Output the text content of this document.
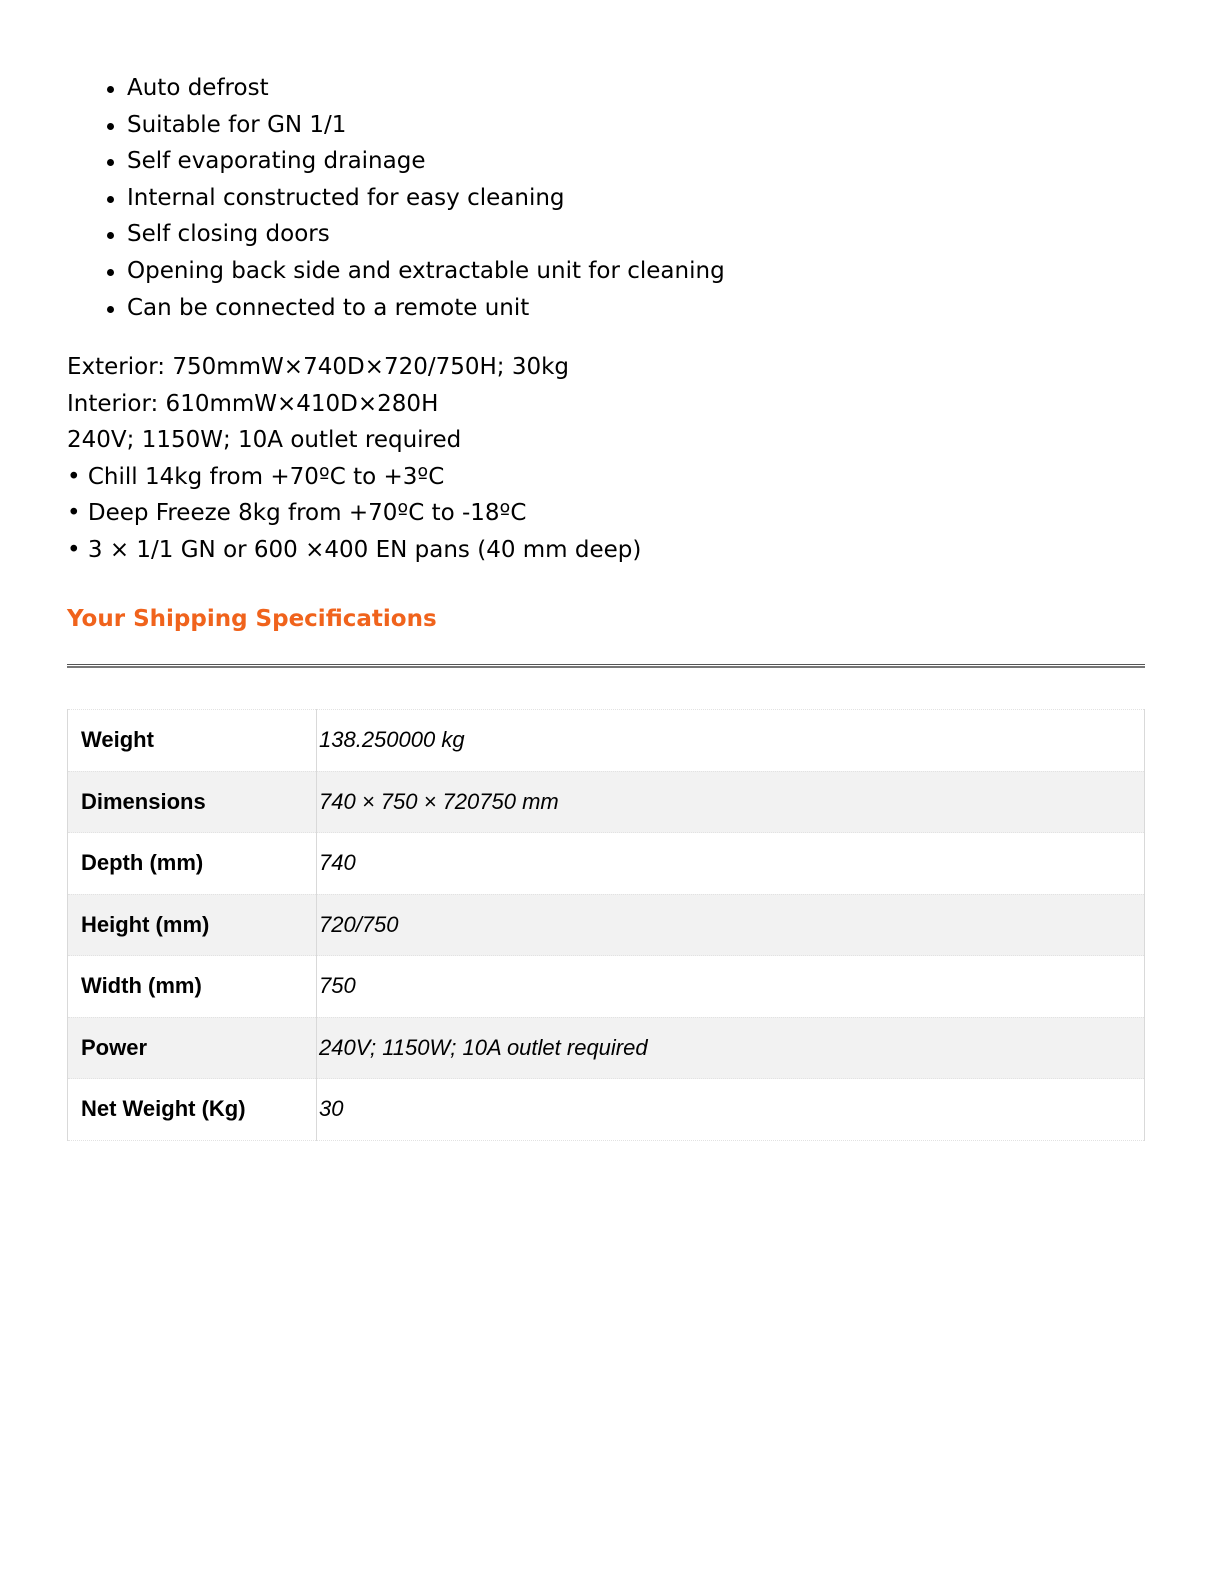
Auto defrost
Suitable for GN 1/1
Self evaporating drainage
Internal constructed for easy cleaning
Self closing doors
Opening back side and extractable unit for cleaning
Can be connected to a remote unit
Exterior: 750mmW×740D×720/750H; 30kg
Interior: 610mmW×410D×280H
240V; 1150W; 10A outlet required
• Chill 14kg from +70ºC to +3ºC
• Deep Freeze 8kg from +70ºC to -18ºC
• 3 × 1/1 GN or 600 ×400 EN pans (40 mm deep)
Your Shipping Specifications
Weight	138.250000 kg
Dimensions	740 × 750 × 720750 mm
Depth (mm)	740
Height (mm)	720/750
Width (mm)	750
Power	240V; 1150W; 10A outlet required
Net Weight (Kg)	30
